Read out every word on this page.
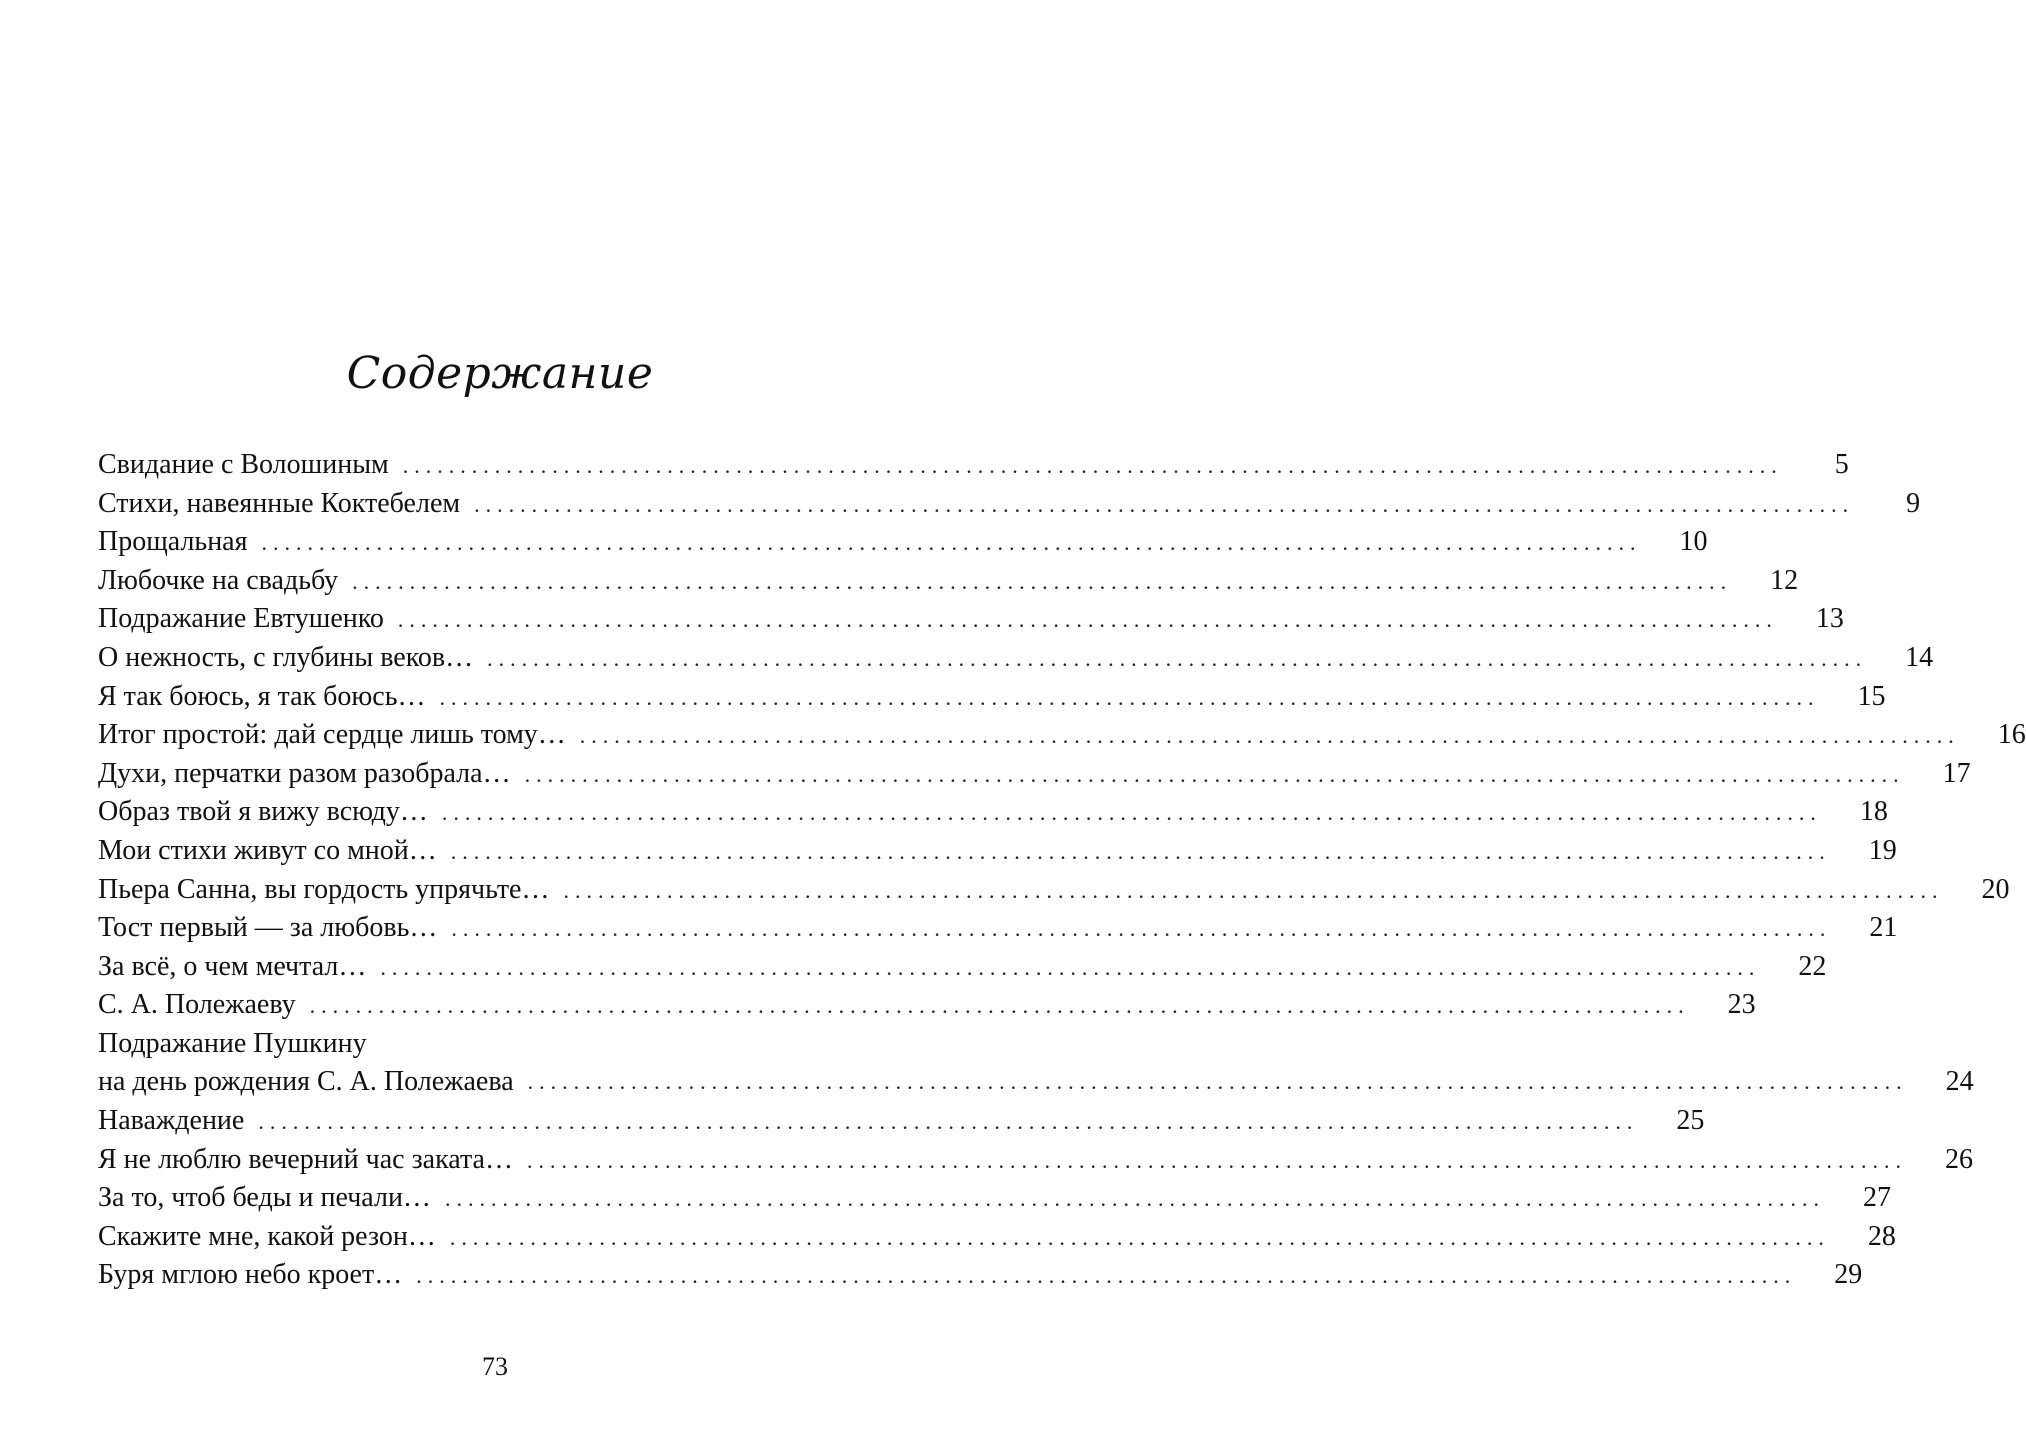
Содержание
Свидание с Волошиным ........................................................................................................................	5
Стихи, навеянные Коктебелем ........................................................................................................................	9
Прощальная ........................................................................................................................	10
Любочке на свадьбу ........................................................................................................................	12
Подражание Евтушенко ........................................................................................................................	13
О нежность, с глубины веков… ........................................................................................................................	14
Я так боюсь, я так боюсь… ........................................................................................................................	15
Итог простой: дай сердце лишь тому… ........................................................................................................................	16
Духи, перчатки разом разобрала… ........................................................................................................................	17
Образ твой я вижу всюду… ........................................................................................................................	18
Мои стихи живут со мной… ........................................................................................................................	19
Пьера Санна, вы гордость упрячьте… ........................................................................................................................	20
Тост первый — за любовь… ........................................................................................................................	21
За всё, о чем мечтал… ........................................................................................................................	22
С. А. Полежаеву ........................................................................................................................	23
Подражание Пушкину
на день рождения С. А. Полежаева ........................................................................................................................	24
Наваждение ........................................................................................................................	25
Я не люблю вечерний час заката… ........................................................................................................................	26
За то, чтоб беды и печали… ........................................................................................................................	27
Скажите мне, какой резон… ........................................................................................................................	28
Буря мглою небо кроет… ........................................................................................................................	29
73
